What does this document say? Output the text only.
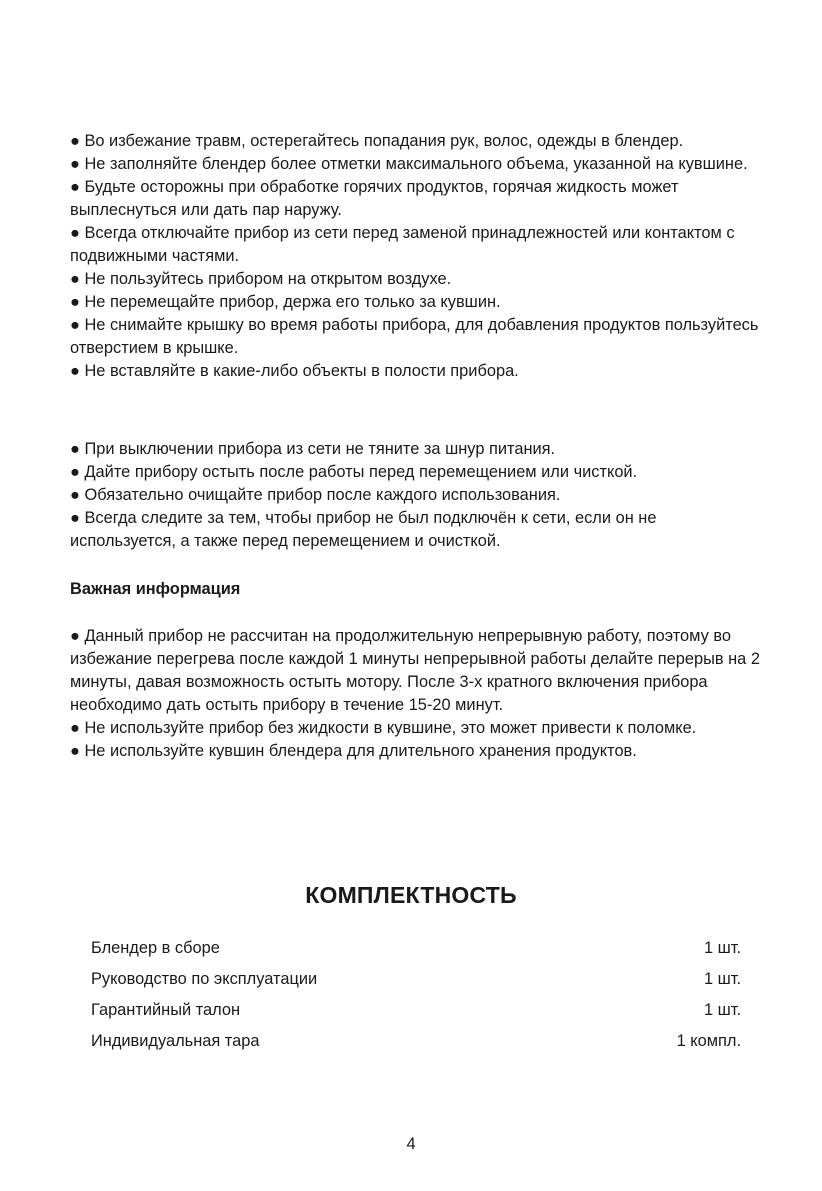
● Во избежание травм, остерегайтесь попадания рук, волос, одежды в блендер.

● Не заполняйте блендер более отметки максимального объема, указанной на кувшине.

● Будьте осторожны при обработке горячих продуктов, горячая жидкость может выплеснуться или дать пар наружу.

● Всегда отключайте прибор из сети перед заменой принадлежностей или контактом с подвижными частями.

● Не пользуйтесь прибором на открытом воздухе.

● Не перемещайте прибор, держа его только за кувшин.

● Не снимайте крышку во время работы прибора, для добавления продуктов пользуйтесь отверстием в крышке.

● Не вставляйте в какие-либо объекты в полости прибора.

● При выключении прибора из сети не тяните за шнур питания.

● Дайте прибору остыть после работы перед перемещением или чисткой.

● Обязательно очищайте прибор после каждого использования.

● Всегда следите за тем, чтобы прибор не был подключён к сети, если он не используется, а также перед перемещением и очисткой.

Важная информация

● Данный прибор не рассчитан на продолжительную непрерывную работу, поэтому во избежание перегрева после каждой 1 минуты непрерывной работы делайте перерыв на 2 минуты, давая возможность остыть мотору. После 3-х кратного включения прибора необходимо дать остыть прибору в течение 15-20 минут.

● Не используйте прибор без жидкости в кувшине, это может привести к поломке.

● Не используйте кувшин блендера для длительного хранения продуктов.

КОМПЛЕКТНОСТЬ
Блендер в сборе	1 шт.
Руководство по эксплуатации	1 шт.
Гарантийный талон	1 шт.
Индивидуальная тара	1 компл.
4
